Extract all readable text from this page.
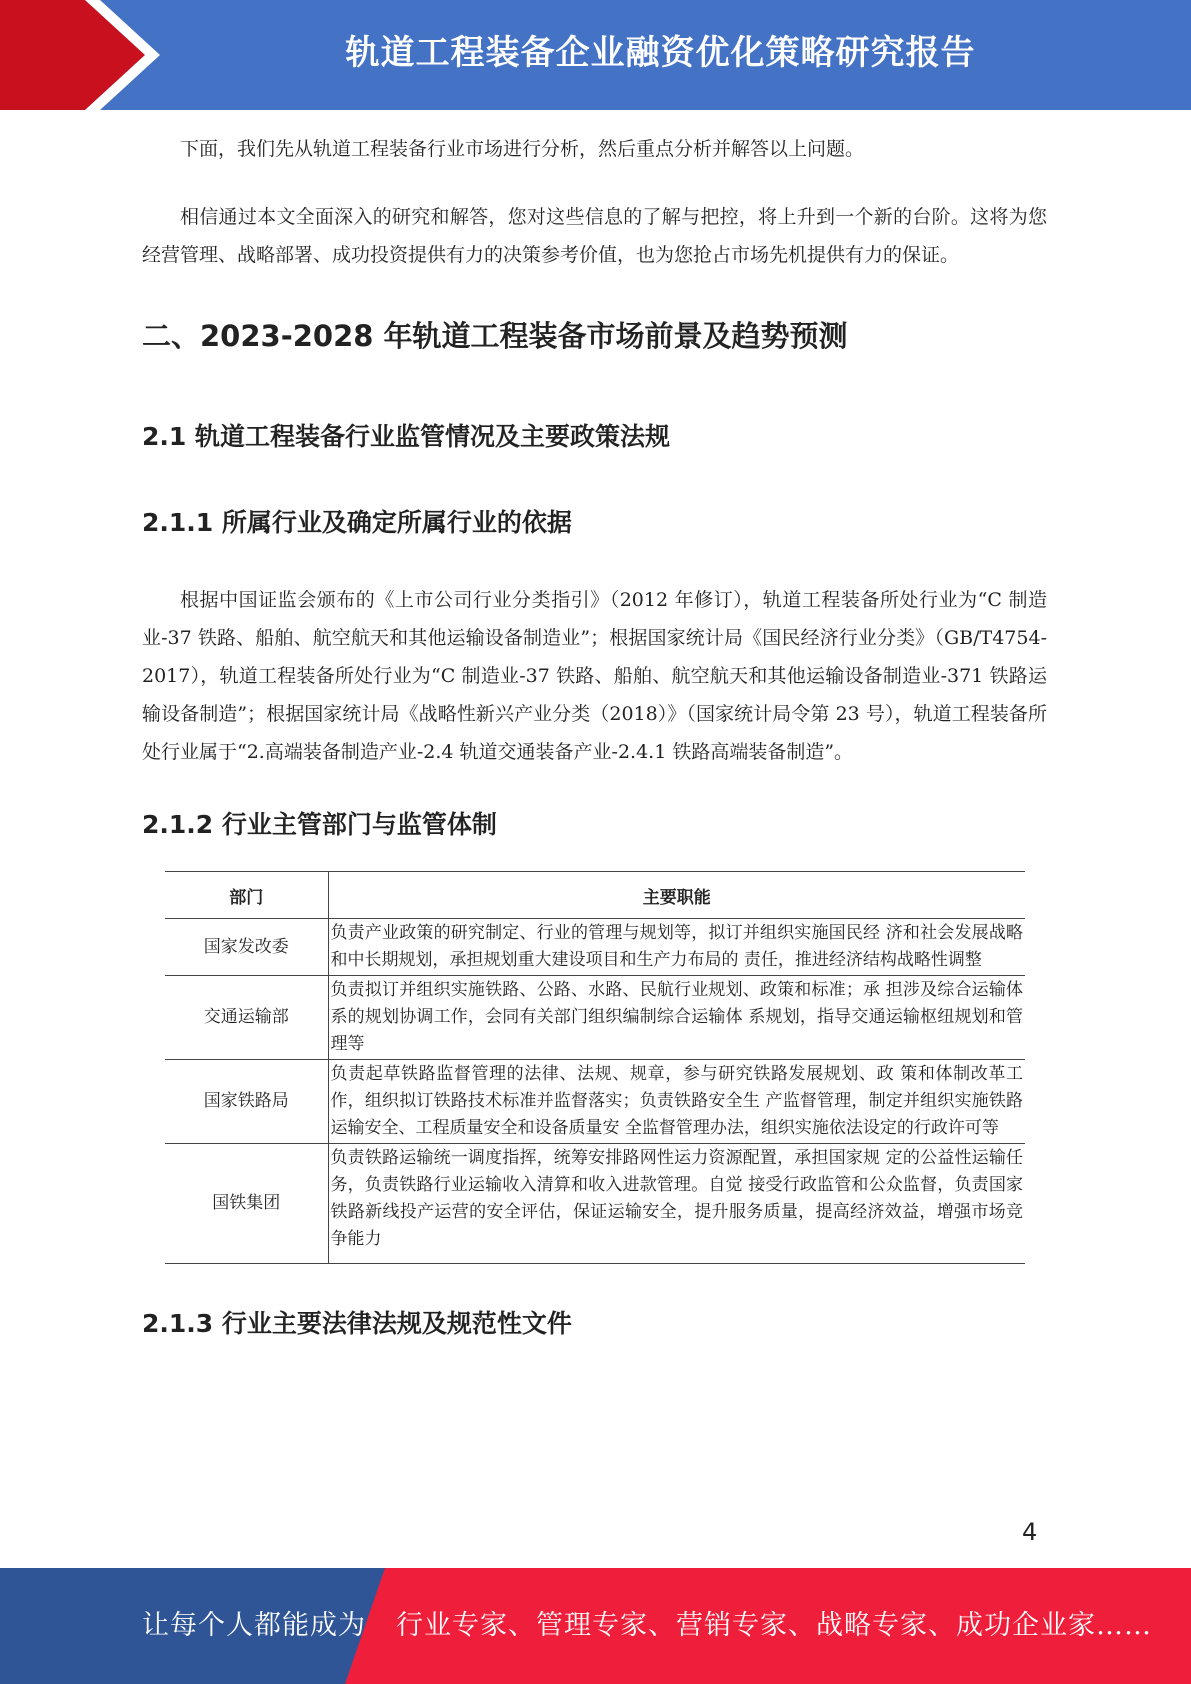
轨道工程装备企业融资优化策略研究报告

下面，我们先从轨道工程装备行业市场进行分析，然后重点分析并解答以上问题。

相信通过本文全面深入的研究和解答，您对这些信息的了解与把控，将上升到一个新的台阶。这将为您经营管理、战略部署、成功投资提供有力的决策参考价值，也为您抢占市场先机提供有力的保证。

二、2023-2028 年轨道工程装备市场前景及趋势预测
2.1 轨道工程装备行业监管情况及主要政策法规
2.1.1 所属行业及确定所属行业的依据

根据中国证监会颁布的《上市公司行业分类指引》（2012 年修订），轨道工程装备所处行业为“C 制造业-37 铁路、船舶、航空航天和其他运输设备制造业”；根据国家统计局《国民经济行业分类》（GB/T4754-2017），轨道工程装备所处行业为“C 制造业-37 铁路、船舶、航空航天和其他运输设备制造业-371 铁路运输设备制造”；根据国家统计局《战略性新兴产业分类（2018）》（国家统计局令第 23 号），轨道工程装备所处行业属于“2.高端装备制造产业-2.4 轨道交通装备产业-2.4.1 铁路高端装备制造”。

2.1.2 行业主管部门与监管体制
部门	主要职能
国家发改委	负责产业政策的研究制定、行业的管理与规划等，拟订并组织实施国民经 济和社会发展战略和中长期规划，承担规划重大建设项目和生产力布局的 责任，推进经济结构战略性调整
交通运输部	负责拟订并组织实施铁路、公路、水路、民航行业规划、政策和标准；承 担涉及综合运输体系的规划协调工作，会同有关部门组织编制综合运输体 系规划，指导交通运输枢纽规划和管理等
国家铁路局	负责起草铁路监督管理的法律、法规、规章，参与研究铁路发展规划、政 策和体制改革工作，组织拟订铁路技术标准并监督落实；负责铁路安全生 产监督管理，制定并组织实施铁路运输安全、工程质量安全和设备质量安 全监督管理办法，组织实施依法设定的行政许可等
国铁集团	负责铁路运输统一调度指挥，统筹安排路网性运力资源配置，承担国家规 定的公益性运输任务，负责铁路行业运输收入清算和收入进款管理。自觉 接受行政监管和公众监督，负责国家铁路新线投产运营的安全评估，保证运输安全，提升服务质量，提高经济效益，增强市场竞争能力
2.1.3 行业主要法律法规及规范性文件
4
让每个人都能成为 行业专家、管理专家、营销专家、战略专家、成功企业家……
